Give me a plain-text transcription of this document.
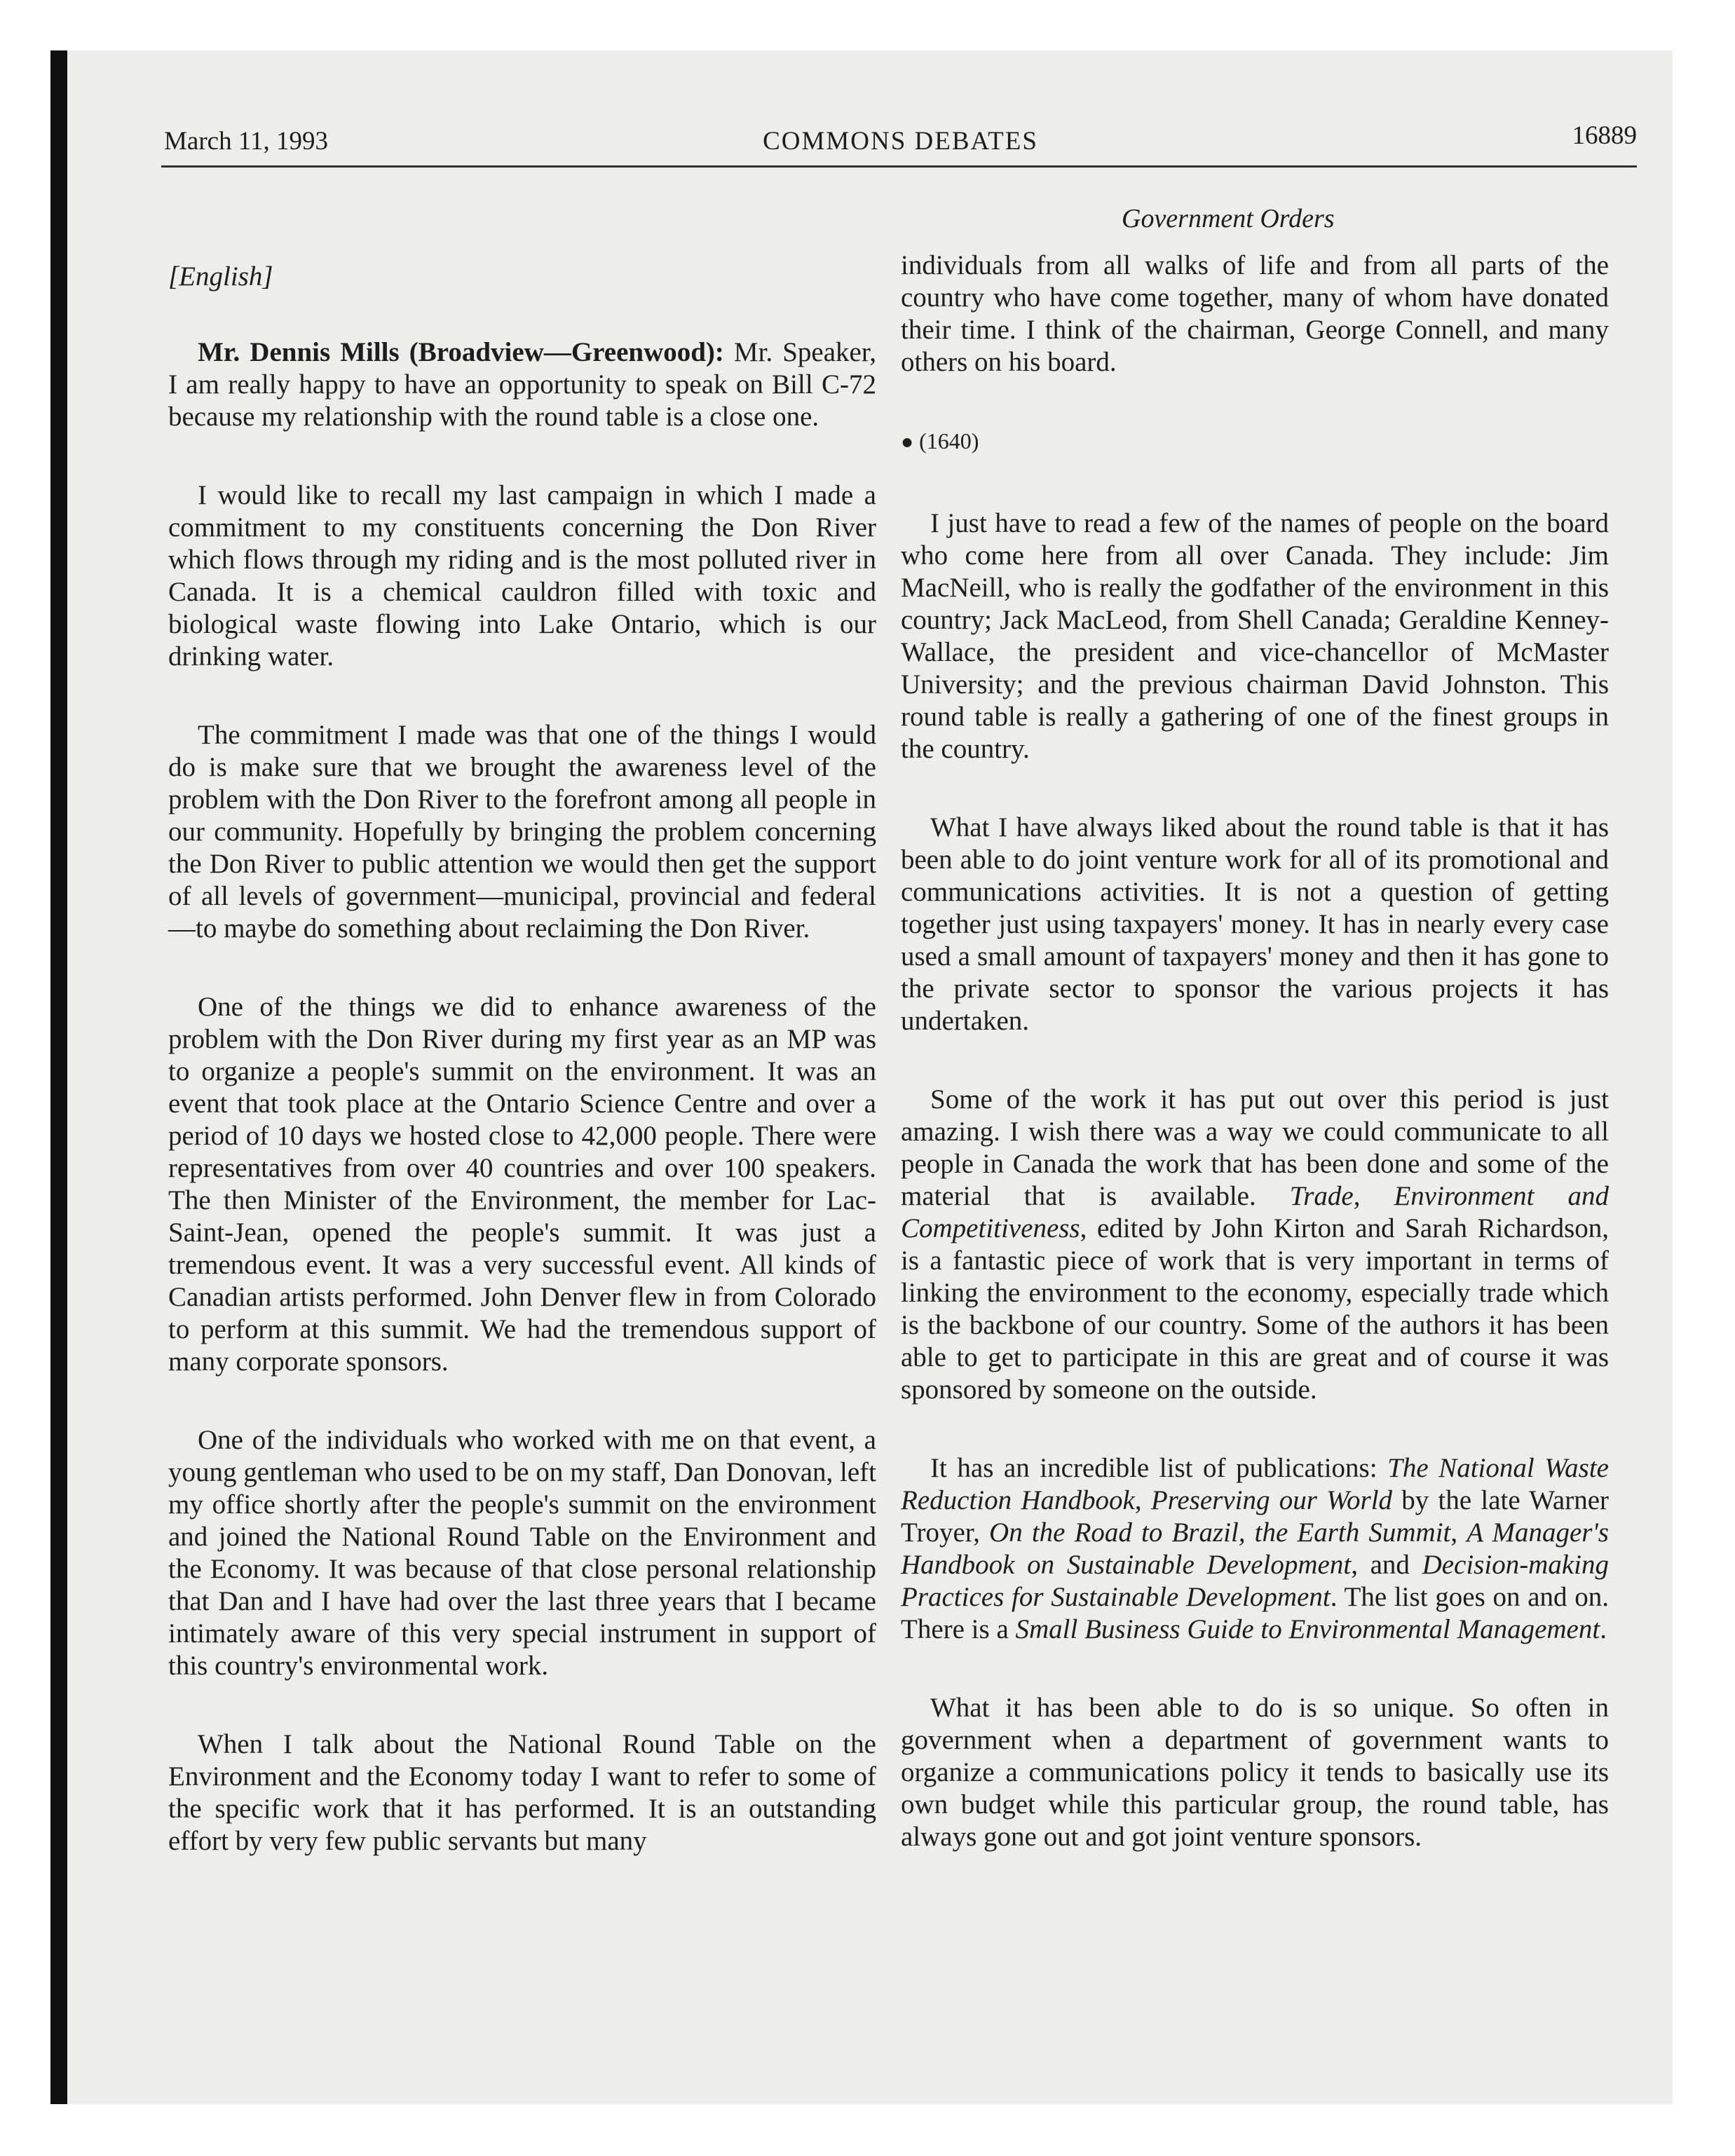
March 11, 1993	COMMONS DEBATES	16889
Government Orders
[English]

Mr. Dennis Mills (Broadview—Greenwood): Mr. Speaker, I am really happy to have an opportunity to speak on Bill C-72 because my relationship with the round table is a close one.

I would like to recall my last campaign in which I made a commitment to my constituents concerning the Don River which flows through my riding and is the most polluted river in Canada. It is a chemical cauldron filled with toxic and biological waste flowing into Lake Ontario, which is our drinking water.

The commitment I made was that one of the things I would do is make sure that we brought the awareness level of the problem with the Don River to the forefront among all people in our community. Hopefully by bringing the problem concerning the Don River to public attention we would then get the support of all levels of government—municipal, provincial and federal—to maybe do something about reclaiming the Don River.

One of the things we did to enhance awareness of the problem with the Don River during my first year as an MP was to organize a people's summit on the environment. It was an event that took place at the Ontario Science Centre and over a period of 10 days we hosted close to 42,000 people. There were representatives from over 40 countries and over 100 speakers. The then Minister of the Environment, the member for Lac-Saint-Jean, opened the people's summit. It was just a tremendous event. It was a very successful event. All kinds of Canadian artists performed. John Denver flew in from Colorado to perform at this summit. We had the tremendous support of many corporate sponsors.

One of the individuals who worked with me on that event, a young gentleman who used to be on my staff, Dan Donovan, left my office shortly after the people's summit on the environment and joined the National Round Table on the Environment and the Economy. It was because of that close personal relationship that Dan and I have had over the last three years that I became intimately aware of this very special instrument in support of this country's environmental work.

When I talk about the National Round Table on the Environment and the Economy today I want to refer to some of the specific work that it has performed. It is an outstanding effort by very few public servants but many

individuals from all walks of life and from all parts of the country who have come together, many of whom have donated their time. I think of the chairman, George Connell, and many others on his board.

● (1640)

I just have to read a few of the names of people on the board who come here from all over Canada. They include: Jim MacNeill, who is really the godfather of the environment in this country; Jack MacLeod, from Shell Canada; Geraldine Kenney-Wallace, the president and vice-chancellor of McMaster University; and the previous chairman David Johnston. This round table is really a gathering of one of the finest groups in the country.

What I have always liked about the round table is that it has been able to do joint venture work for all of its promotional and communications activities. It is not a question of getting together just using taxpayers' money. It has in nearly every case used a small amount of taxpayers' money and then it has gone to the private sector to sponsor the various projects it has undertaken.

Some of the work it has put out over this period is just amazing. I wish there was a way we could communicate to all people in Canada the work that has been done and some of the material that is available. Trade, Environment and Competitiveness, edited by John Kirton and Sarah Richardson, is a fantastic piece of work that is very important in terms of linking the environment to the economy, especially trade which is the backbone of our country. Some of the authors it has been able to get to participate in this are great and of course it was sponsored by someone on the outside.

It has an incredible list of publications: The National Waste Reduction Handbook, Preserving our World by the late Warner Troyer, On the Road to Brazil, the Earth Summit, A Manager's Handbook on Sustainable Development, and Decision-making Practices for Sustainable Development. The list goes on and on. There is a Small Business Guide to Environmental Management.

What it has been able to do is so unique. So often in government when a department of government wants to organize a communications policy it tends to basically use its own budget while this particular group, the round table, has always gone out and got joint venture sponsors.
